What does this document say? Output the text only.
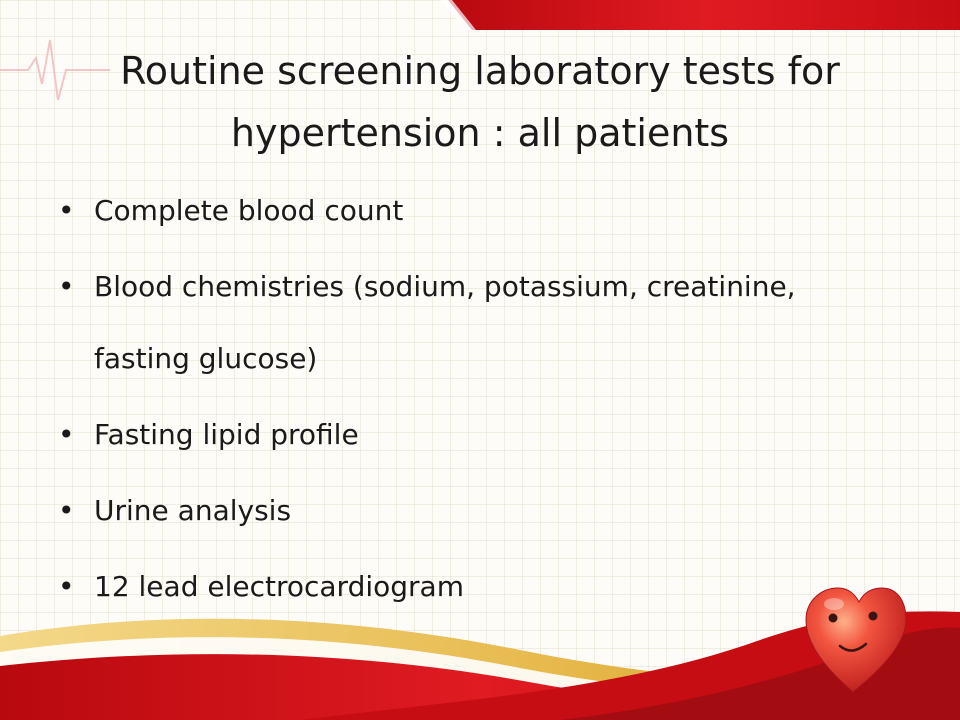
Routine screening laboratory tests for
hypertension : all patients
• Complete blood count
• Blood chemistries (sodium, potassium, creatinine,
fasting glucose)
• Fasting lipid profile
• Urine analysis
• 12 lead electrocardiogram
